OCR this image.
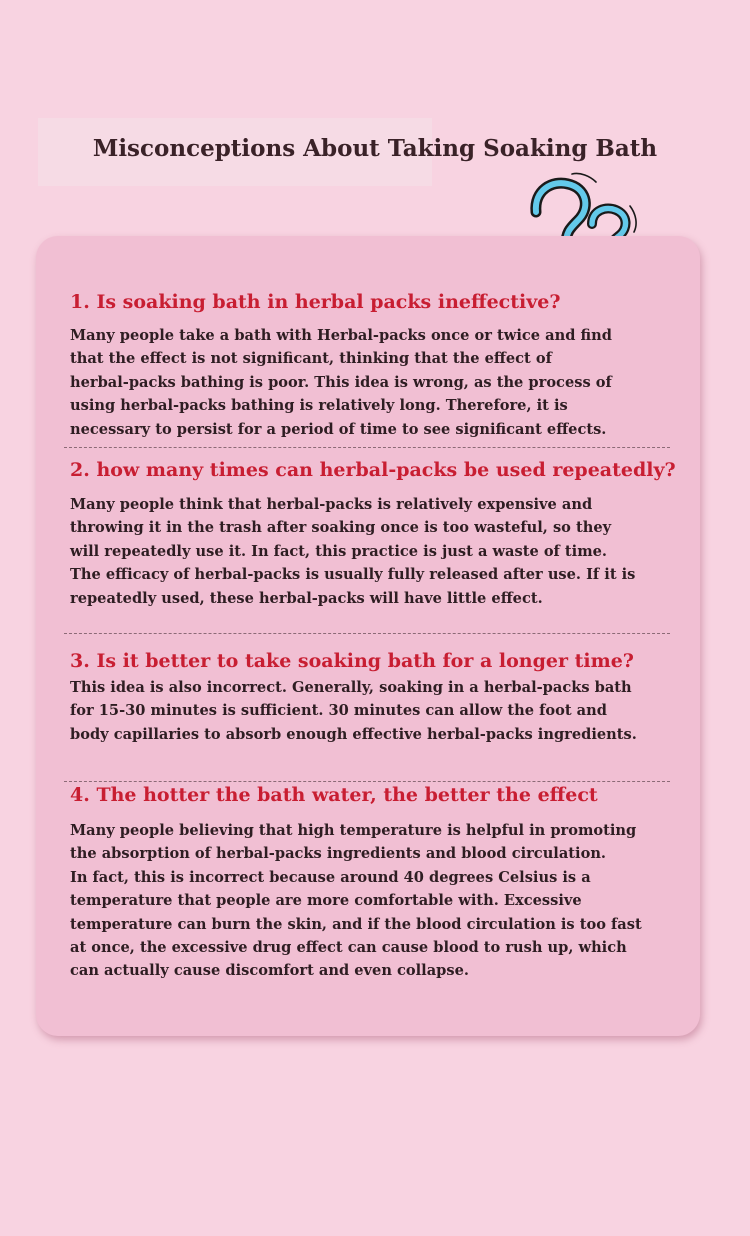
Misconceptions About Taking Soaking Bath
1. Is soaking bath in herbal packs ineffective?

Many people take a bath with Herbal-packs once or twice and find
that the effect is not significant, thinking that the effect of
herbal-packs bathing is poor. This idea is wrong, as the process of
using herbal-packs bathing is relatively long. Therefore, it is
necessary to persist for a period of time to see significant effects.

2. how many times can herbal-packs be used repeatedly?

Many people think that herbal-packs is relatively expensive and
throwing it in the trash after soaking once is too wasteful, so they
will repeatedly use it. In fact, this practice is just a waste of time.
The efficacy of herbal-packs is usually fully released after use. If it is
repeatedly used, these herbal-packs will have little effect.

3. Is it better to take soaking bath for a longer time?

This idea is also incorrect. Generally, soaking in a herbal-packs bath
for 15-30 minutes is sufficient. 30 minutes can allow the foot and
body capillaries to absorb enough effective herbal-packs ingredients.

4. The hotter the bath water, the better the effect

Many people believing that high temperature is helpful in promoting
the absorption of herbal-packs ingredients and blood circulation.
In fact, this is incorrect because around 40 degrees Celsius is a
temperature that people are more comfortable with. Excessive
temperature can burn the skin, and if the blood circulation is too fast
at once, the excessive drug effect can cause blood to rush up, which
can actually cause discomfort and even collapse.
